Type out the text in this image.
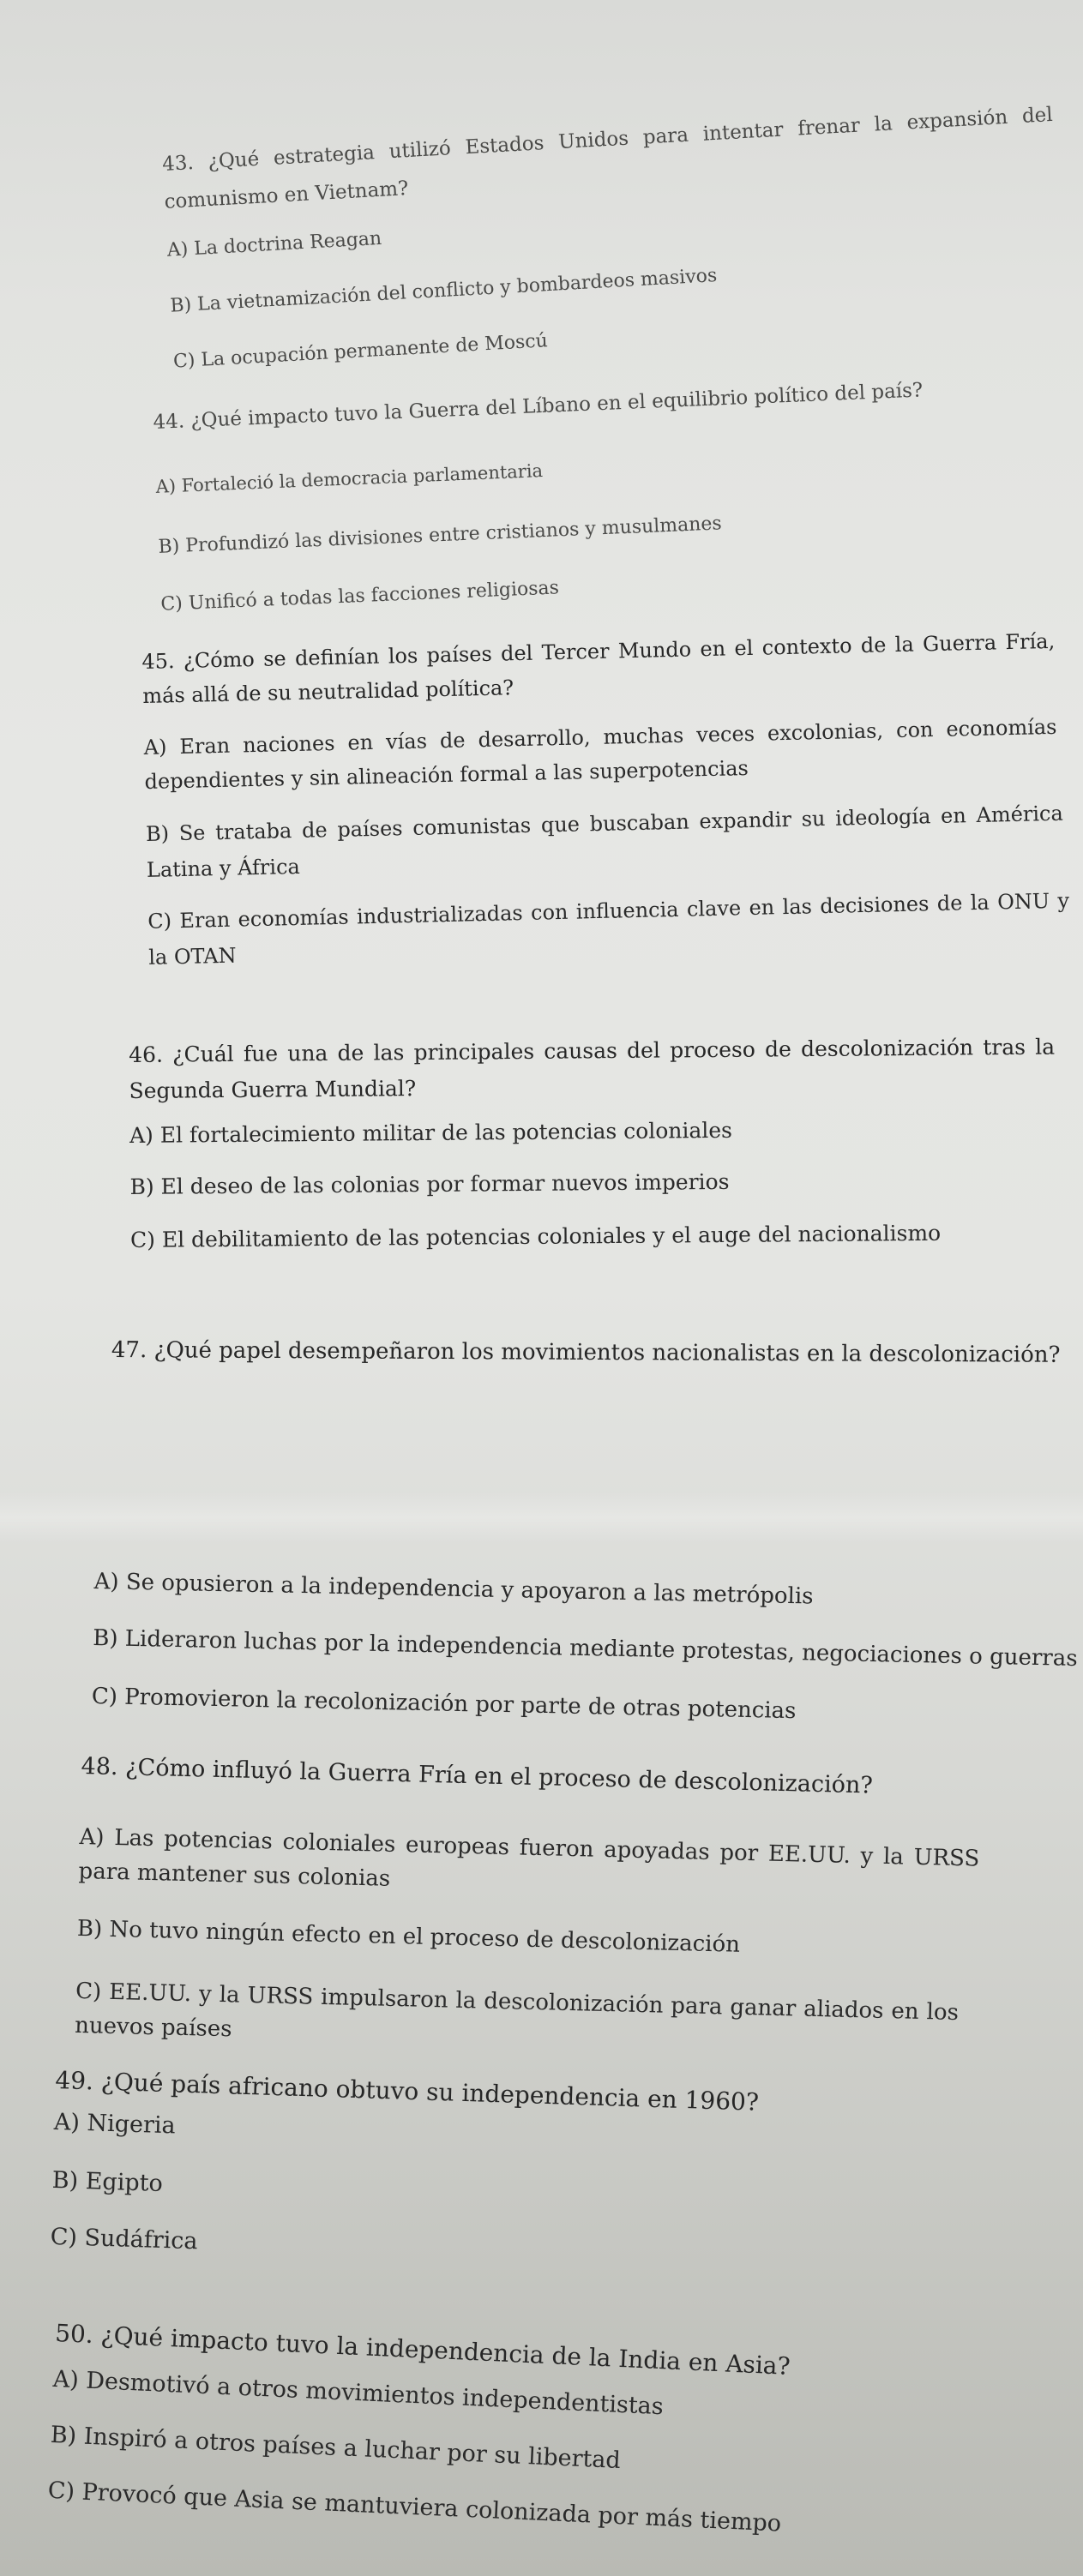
43. ¿Qué estrategia utilizó Estados Unidos para intentar frenar la expansión del comunismo en Vietnam?
A) La doctrina Reagan
B) La vietnamización del conflicto y bombardeos masivos
C) La ocupación permanente de Moscú
44. ¿Qué impacto tuvo la Guerra del Líbano en el equilibrio político del país?
A) Fortaleció la democracia parlamentaria
B) Profundizó las divisiones entre cristianos y musulmanes
C) Unificó a todas las facciones religiosas
45. ¿Cómo se definían los países del Tercer Mundo en el contexto de la Guerra Fría, más allá de su neutralidad política?
A) Eran naciones en vías de desarrollo, muchas veces excolonias, con economías dependientes y sin alineación formal a las superpotencias
B) Se trataba de países comunistas que buscaban expandir su ideología en América Latina y África
C) Eran economías industrializadas con influencia clave en las decisiones de la ONU y la OTAN
46. ¿Cuál fue una de las principales causas del proceso de descolonización tras la Segunda Guerra Mundial?
A) El fortalecimiento militar de las potencias coloniales
B) El deseo de las colonias por formar nuevos imperios
C) El debilitamiento de las potencias coloniales y el auge del nacionalismo
47. ¿Qué papel desempeñaron los movimientos nacionalistas en la descolonización?
A) Se opusieron a la independencia y apoyaron a las metrópolis
B) Lideraron luchas por la independencia mediante protestas, negociaciones o guerras
C) Promovieron la recolonización por parte de otras potencias
48. ¿Cómo influyó la Guerra Fría en el proceso de descolonización?
A) Las potencias coloniales europeas fueron apoyadas por EE.UU. y la URSS para mantener sus colonias
B) No tuvo ningún efecto en el proceso de descolonización
C) EE.UU. y la URSS impulsaron la descolonización para ganar aliados en los nuevos países
49. ¿Qué país africano obtuvo su independencia en 1960?
A) Nigeria
B) Egipto
C) Sudáfrica
50. ¿Qué impacto tuvo la independencia de la India en Asia?
A) Desmotivó a otros movimientos independentistas
B) Inspiró a otros países a luchar por su libertad
C) Provocó que Asia se mantuviera colonizada por más tiempo
